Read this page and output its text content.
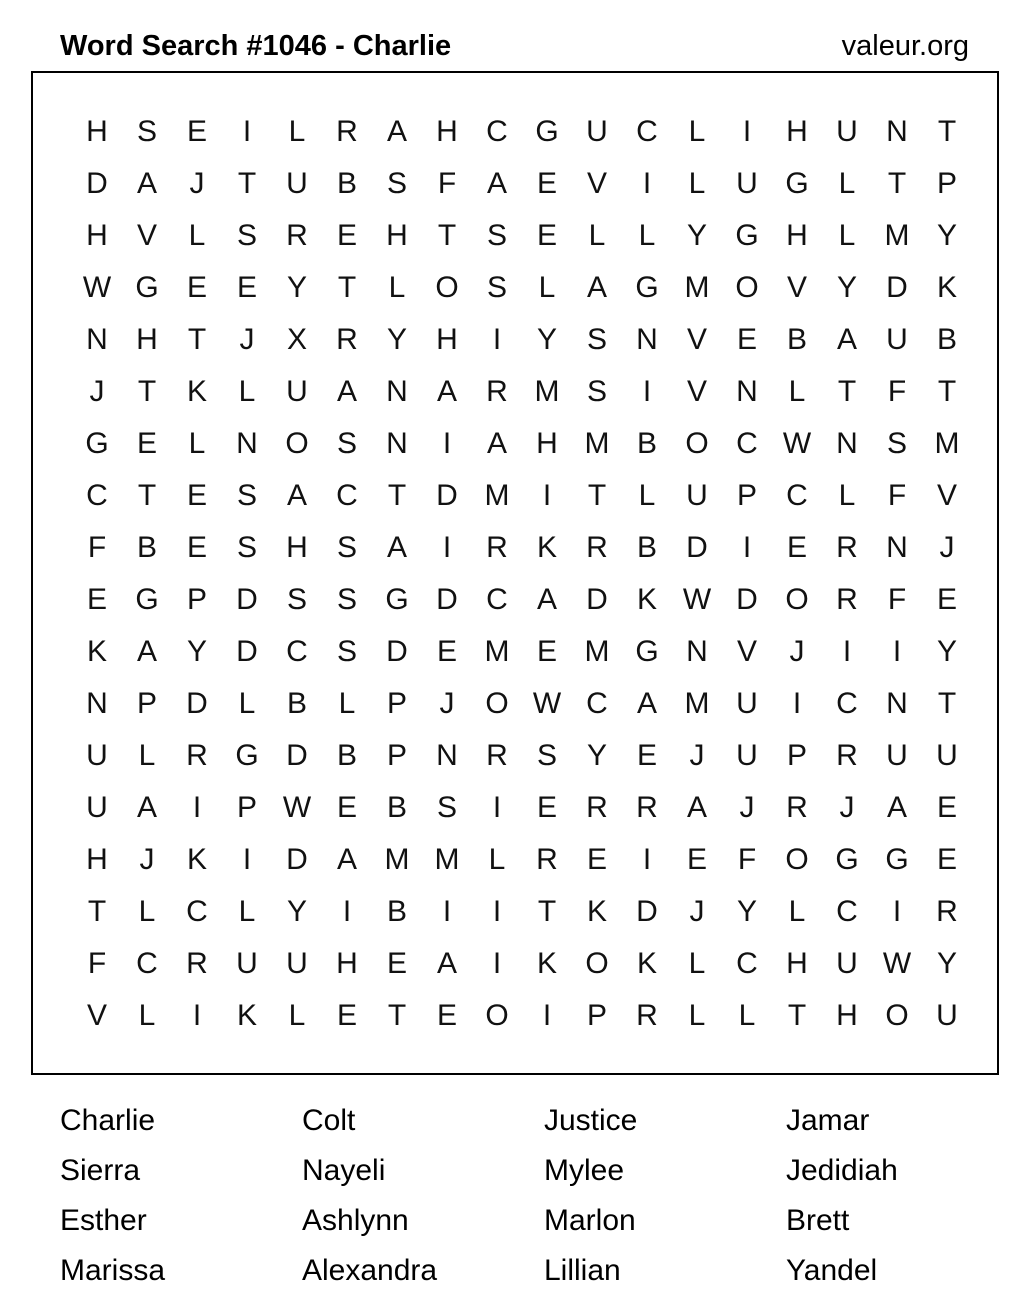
Word Search #1046 - Charlie	valeur.org
H S E	I	L	R A H C G U C	L	I	H U N	T
D A	J	T	U B S	F	A E V	I	L	U G L	T	P
H V	L	S R E H	T	S E	L	L	Y G H	L M Y
W G E E Y	T	L O S	L	A G M O V Y D K
N H	T	J	X R Y H	I	Y S N V E B A U B
J	T	K	L	U A N A R M S	I	V N	L	T	F	T
G E	L	N O S N	I	A H M B O C W N S M
C	T	E S A C	T	D M	I	T	L	U P C	L	F	V
F	B E S H S A	I	R K R B D	I	E R N	J
E G P D S S G D C A D K W D O R	F	E
K A Y D C S D E M E M G N V	J	I	I	Y
N P D	L	B	L	P	J	O W C A M U	I	C N	T
U	L	R G D B P N R S Y E	J	U P R U U
U A	I	P W E B S	I	E R R A	J	R	J	A E
H	J	K	I	D A M M L	R E	I	E	F O G G E
T	L	C	L	Y	I	B	I	I	T	K D	J	Y	L	C	I	R
F	C R U U H E A	I	K O K	L	C H U W Y
V	L	I	K	L	E	T	E O	I	P R	L	L	T	H O U
Charlie	Colt	Justice	Jamar
Sierra	Nayeli	Mylee	Jedidiah
Esther	Ashlynn	Marlon	Brett
Marissa	Alexandra	Lillian	Yandel
